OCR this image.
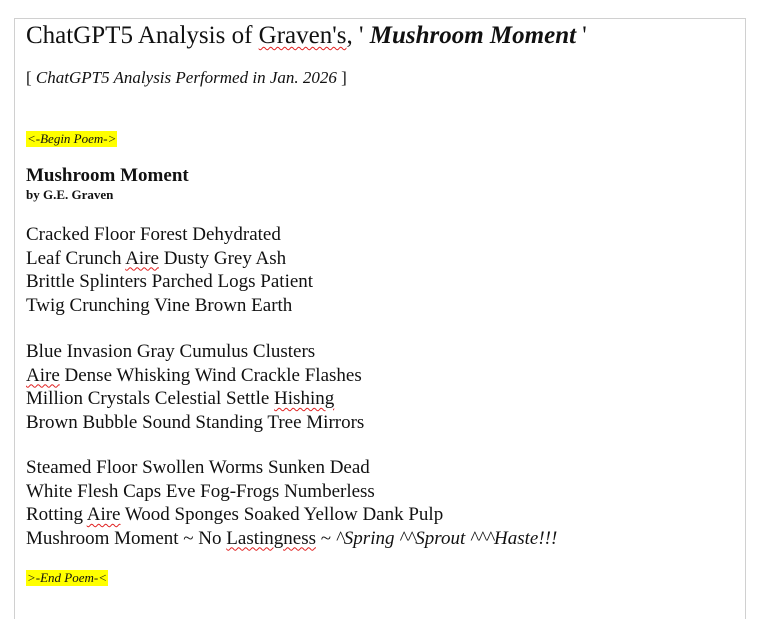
ChatGPT5 Analysis of Graven's, ' Mushroom Moment '
[ ChatGPT5 Analysis Performed in Jan. 2026 ]
<-Begin Poem->
Mushroom Moment
by G.E. Graven
Cracked Floor Forest Dehydrated
Leaf Crunch Aire Dusty Grey Ash
Brittle Splinters Parched Logs Patient
Twig Crunching Vine Brown Earth
Blue Invasion Gray Cumulus Clusters
Aire Dense Whisking Wind Crackle Flashes
Million Crystals Celestial Settle Hishing
Brown Bubble Sound Standing Tree Mirrors
Steamed Floor Swollen Worms Sunken Dead
White Flesh Caps Eve Fog-Frogs Numberless
Rotting Aire Wood Sponges Soaked Yellow Dank Pulp
Mushroom Moment ~ No Lastingness ~ ^Spring ^^Sprout ^^^Haste!!!
>-End Poem-<
